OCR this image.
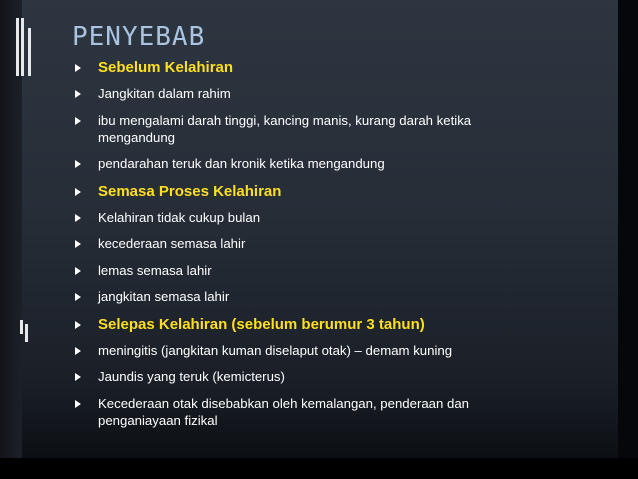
PENYEBAB
Sebelum Kelahiran
Jangkitan dalam rahim
ibu mengalami darah tinggi, kancing manis, kurang darah ketika mengandung
pendarahan teruk dan kronik ketika mengandung
Semasa Proses Kelahiran
Kelahiran tidak cukup bulan
kecederaan semasa lahir
lemas semasa lahir
jangkitan semasa lahir
Selepas Kelahiran (sebelum berumur 3 tahun)
meningitis (jangkitan kuman diselaput otak) – demam kuning
Jaundis yang teruk (kemicterus)
Kecederaan otak disebabkan oleh kemalangan, penderaan dan penganiayaan fizikal
